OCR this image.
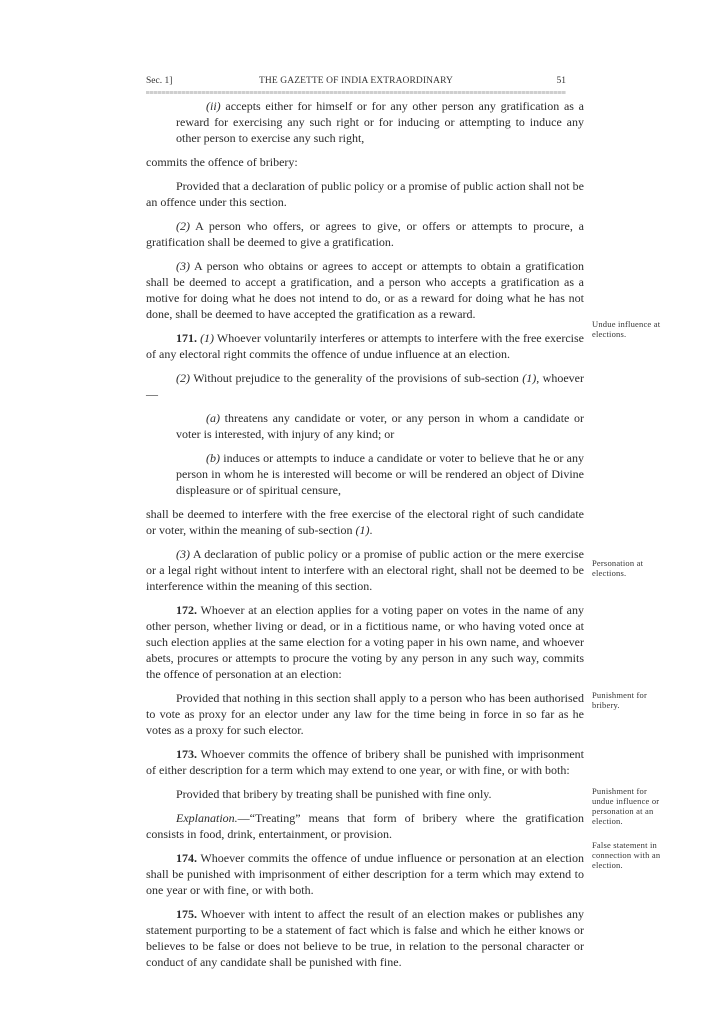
Sec. 1]	THE GAZETTE OF INDIA EXTRAORDINARY	51

(ii) accepts either for himself or for any other person any gratification as a reward for exercising any such right or for inducing or attempting to induce any other person to exercise any such right,

commits the offence of bribery:

Provided that a declaration of public policy or a promise of public action shall not be an offence under this section.

(2) A person who offers, or agrees to give, or offers or attempts to procure, a gratification shall be deemed to give a gratification.

(3) A person who obtains or agrees to accept or attempts to obtain a gratification shall be deemed to accept a gratification, and a person who accepts a gratification as a motive for doing what he does not intend to do, or as a reward for doing what he has not done, shall be deemed to have accepted the gratification as a reward.

171. (1) Whoever voluntarily interferes or attempts to interfere with the free exercise of any electoral right commits the offence of undue influence at an election.

(2) Without prejudice to the generality of the provisions of sub-section (1), whoever—

(a) threatens any candidate or voter, or any person in whom a candidate or voter is interested, with injury of any kind; or

(b) induces or attempts to induce a candidate or voter to believe that he or any person in whom he is interested will become or will be rendered an object of Divine displeasure or of spiritual censure,

shall be deemed to interfere with the free exercise of the electoral right of such candidate or voter, within the meaning of sub-section (1).

(3) A declaration of public policy or a promise of public action or the mere exercise or a legal right without intent to interfere with an electoral right, shall not be deemed to be interference within the meaning of this section.

172. Whoever at an election applies for a voting paper on votes in the name of any other person, whether living or dead, or in a fictitious name, or who having voted once at such election applies at the same election for a voting paper in his own name, and whoever abets, procures or attempts to procure the voting by any person in any such way, commits the offence of personation at an election:

Provided that nothing in this section shall apply to a person who has been authorised to vote as proxy for an elector under any law for the time being in force in so far as he votes as a proxy for such elector.

173. Whoever commits the offence of bribery shall be punished with imprisonment of either description for a term which may extend to one year, or with fine, or with both:

Provided that bribery by treating shall be punished with fine only.

Explanation.—“Treating” means that form of bribery where the gratification consists in food, drink, entertainment, or provision.

174. Whoever commits the offence of undue influence or personation at an election shall be punished with imprisonment of either description for a term which may extend to one year or with fine, or with both.

175. Whoever with intent to affect the result of an election makes or publishes any statement purporting to be a statement of fact which is false and which he either knows or believes to be false or does not believe to be true, in relation to the personal character or conduct of any candidate shall be punished with fine.

Undue influence at elections.
Personation at elections.
Punishment for bribery.
Punishment for undue influence or personation at an election.
False statement in connection with an election.
